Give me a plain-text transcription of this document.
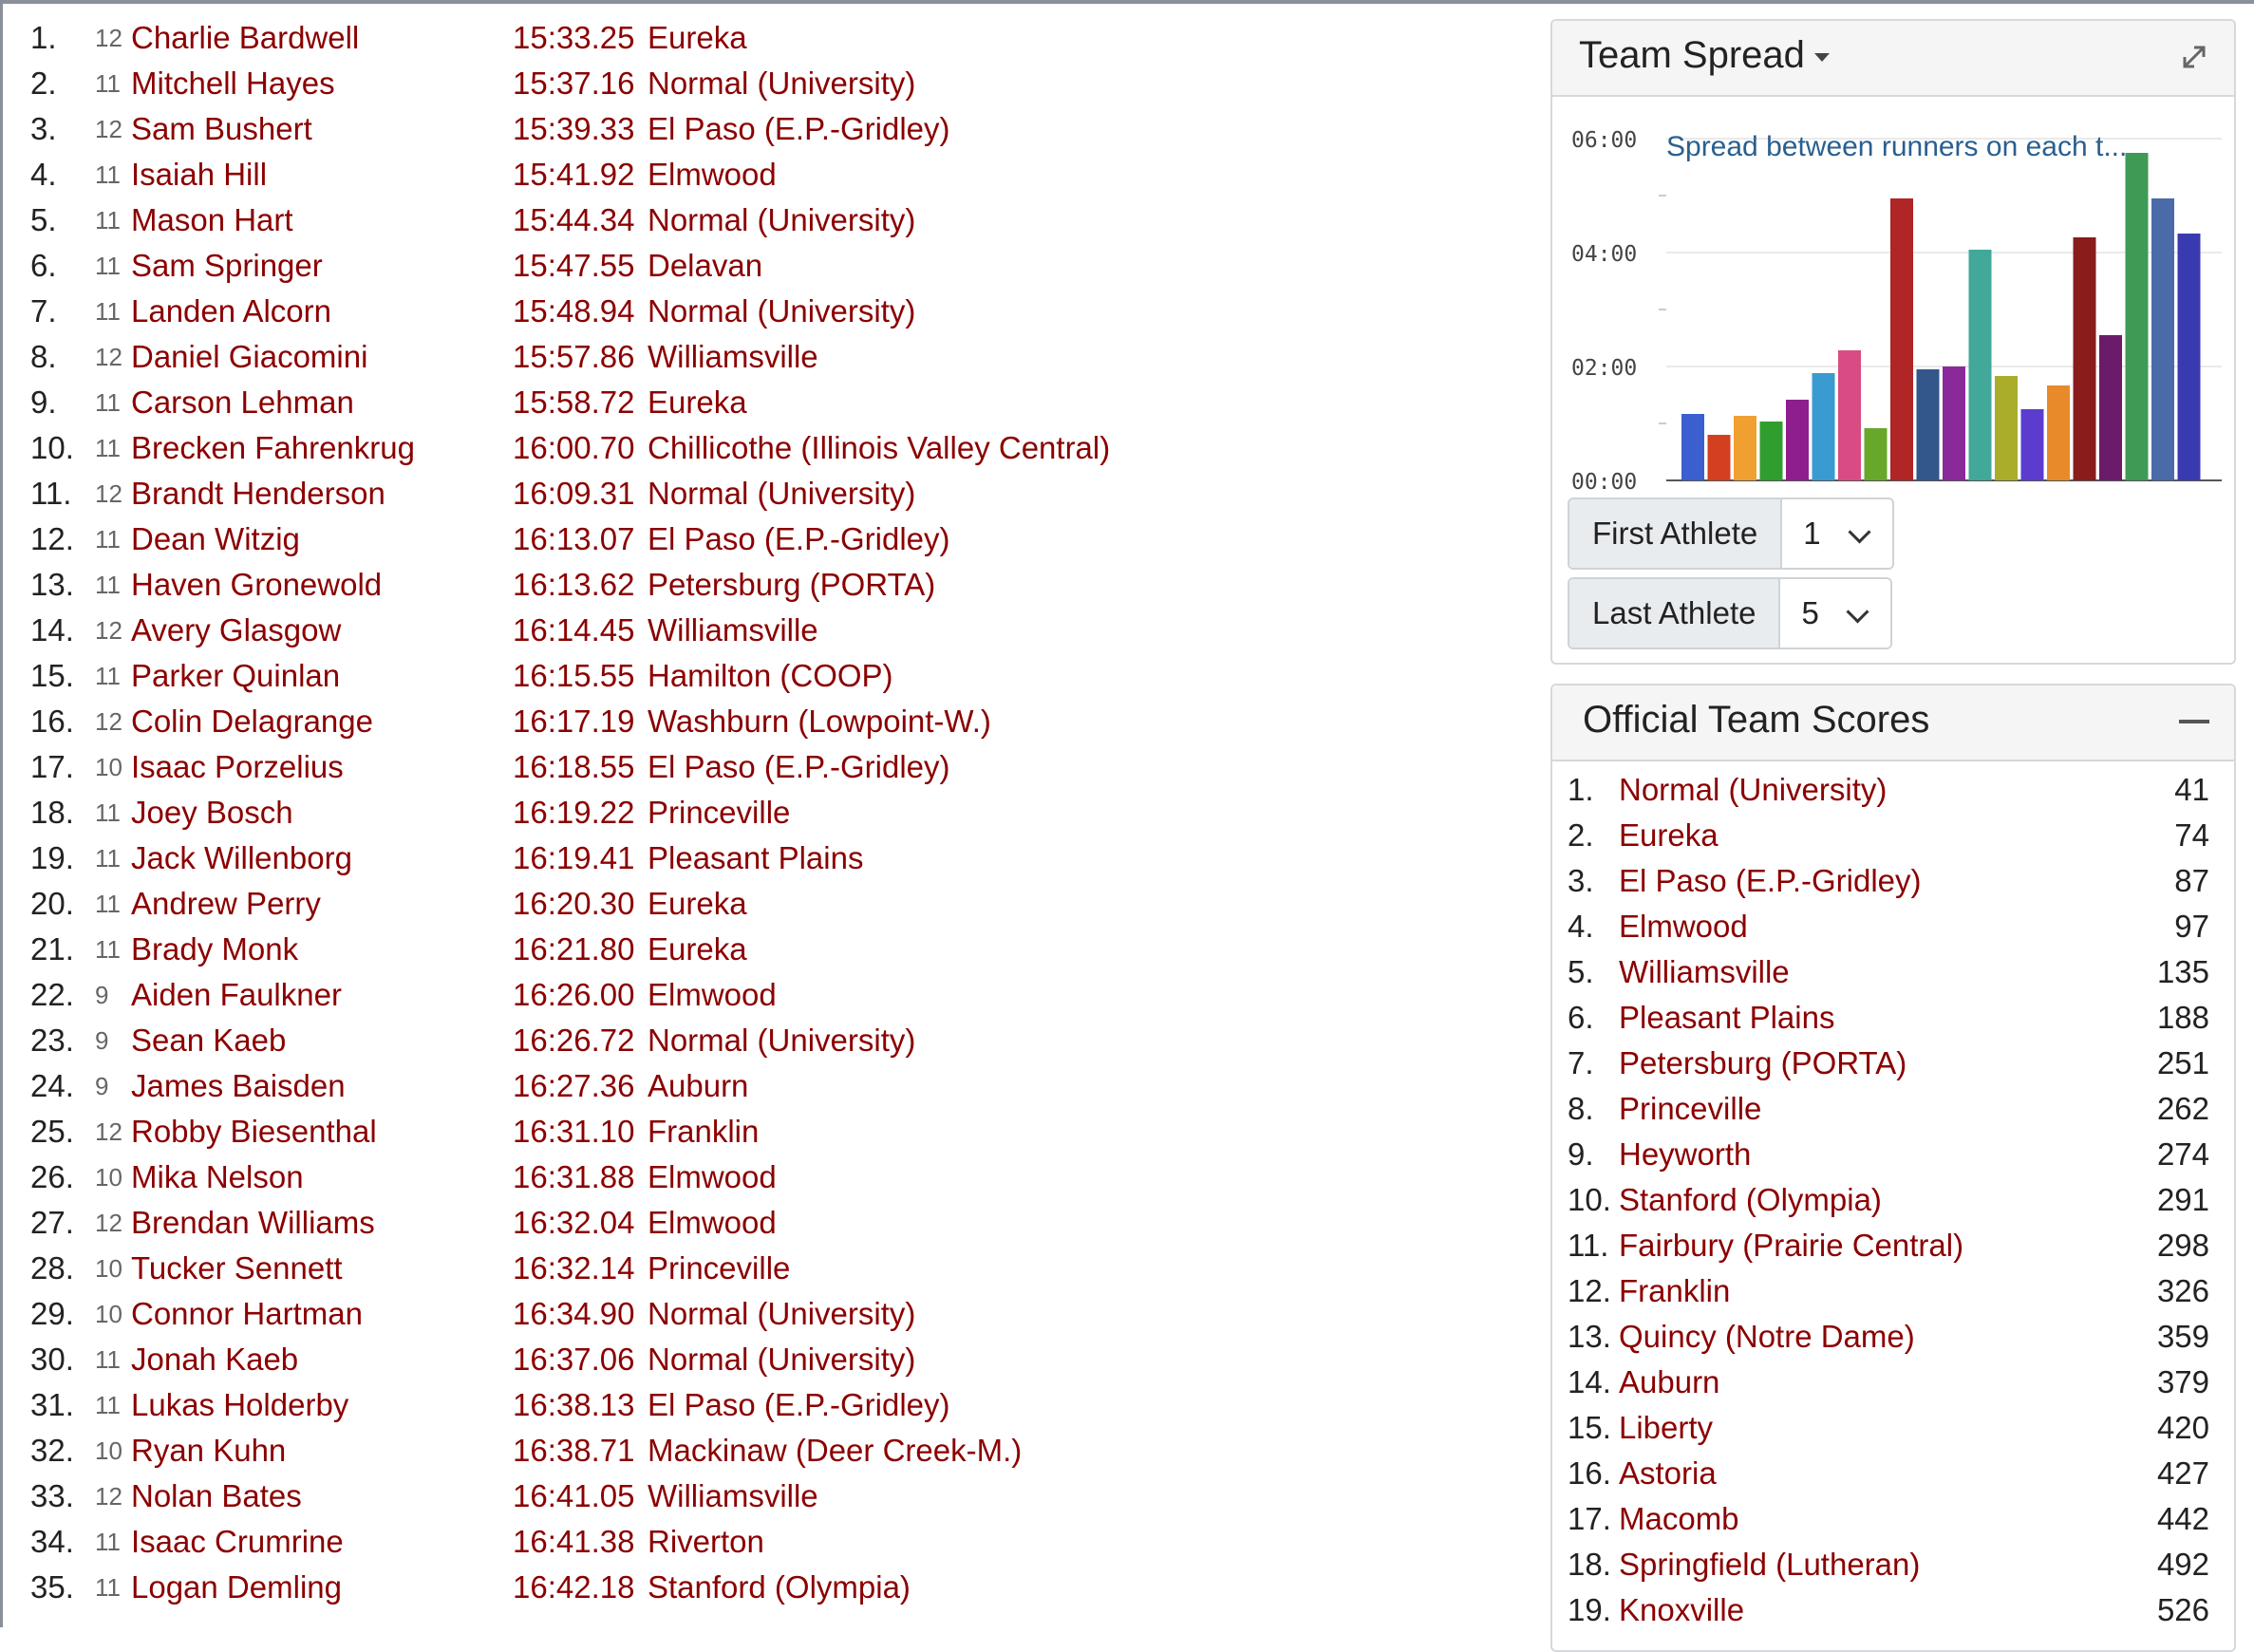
1. 12 Charlie Bardwell	15:33.25 Eureka
2. 11 Mitchell Hayes	15:37.16 Normal (University)
3. 12 Sam Bushert	15:39.33 El Paso (E.P.-Gridley)
4. 11 Isaiah Hill	15:41.92 Elmwood
5. 11 Mason Hart	15:44.34 Normal (University)
6. 11 Sam Springer	15:47.55 Delavan
7. 11 Landen Alcorn	15:48.94 Normal (University)
8. 12 Daniel Giacomini	15:57.86 Williamsville
9. 11 Carson Lehman	15:58.72 Eureka
10. 11 Brecken Fahrenkrug	16:00.70 Chillicothe (Illinois Valley Central)
11. 12 Brandt Henderson	16:09.31 Normal (University)
12. 11 Dean Witzig	16:13.07 El Paso (E.P.-Gridley)
13. 11 Haven Gronewold	16:13.62 Petersburg (PORTA)
14. 12 Avery Glasgow	16:14.45 Williamsville
15. 11 Parker Quinlan	16:15.55 Hamilton (COOP)
16. 12 Colin Delagrange	16:17.19 Washburn (Lowpoint-W.)
17. 10 Isaac Porzelius	16:18.55 El Paso (E.P.-Gridley)
18. 11 Joey Bosch	16:19.22 Princeville
19. 11 Jack Willenborg	16:19.41 Pleasant Plains
20. 11 Andrew Perry	16:20.30 Eureka
21. 11 Brady Monk	16:21.80 Eureka
22. 9 Aiden Faulkner	16:26.00 Elmwood
23. 9 Sean Kaeb	16:26.72 Normal (University)
24. 9 James Baisden	16:27.36 Auburn
25. 12 Robby Biesenthal	16:31.10 Franklin
26. 10 Mika Nelson	16:31.88 Elmwood
27. 12 Brendan Williams	16:32.04 Elmwood
28. 10 Tucker Sennett	16:32.14 Princeville
29. 10 Connor Hartman	16:34.90 Normal (University)
30. 11 Jonah Kaeb	16:37.06 Normal (University)
31. 11 Lukas Holderby	16:38.13 El Paso (E.P.-Gridley)
32. 10 Ryan Kuhn	16:38.71 Mackinaw (Deer Creek-M.)
33. 12 Nolan Bates	16:41.05 Williamsville
34. 11 Isaac Crumrine	16:41.38 Riverton
35. 11 Logan Demling	16:42.18 Stanford (Olympia)
Team Spread
00:00
02:00
04:00
06:00 Spread between runners on each t...
First Athlete	1
Last Athlete	5
Official Team Scores
1. Normal (University)	41
2. Eureka	74
3. El Paso (E.P.-Gridley)	87
4. Elmwood	97
5. Williamsville	135
6. Pleasant Plains	188
7. Petersburg (PORTA)	251
8. Princeville	262
9. Heyworth	274
10. Stanford (Olympia)	291
11. Fairbury (Prairie Central)	298
12. Franklin	326
13. Quincy (Notre Dame)	359
14. Auburn	379
15. Liberty	420
16. Astoria	427
17. Macomb	442
18. Springfield (Lutheran)	492
19. Knoxville	526
